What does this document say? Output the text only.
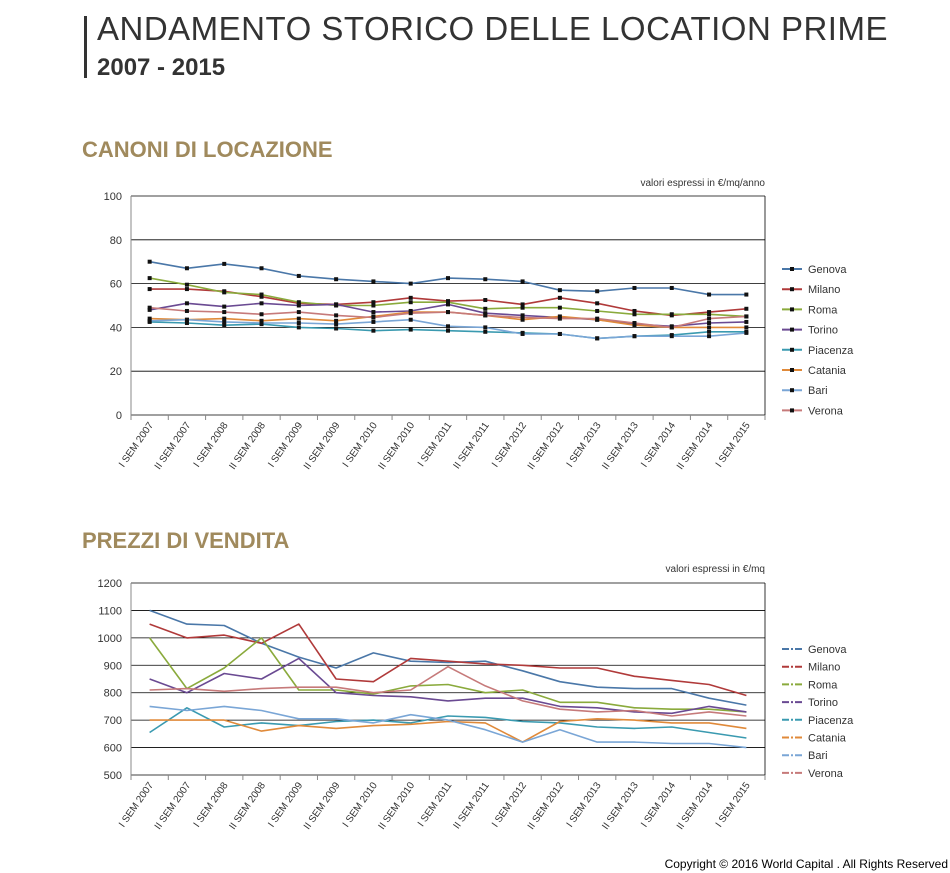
ANDAMENTO STORICO DELLE LOCATION PRIME
2007 - 2015
CANONI DI LOCAZIONE
PREZZI DI VENDITA
valori espressi in €/mq/anno
0
20
40
60
80
100
I SEM 2007
II SEM 2007
I SEM 2008
II SEM 2008
I SEM 2009
II SEM 2009
I SEM 2010
II SEM 2010
I SEM 2011
II SEM 2011
I SEM 2012
II SEM 2012
I SEM 2013
II SEM 2013
I SEM 2014
II SEM 2014
I SEM 2015
Genova
Milano
Roma
Torino
Piacenza
Catania
Bari
Verona
valori espressi in €/mq
500
600
700
800
900
1000
1100
1200
I SEM 2007
II SEM 2007
I SEM 2008
II SEM 2008
I SEM 2009
II SEM 2009
I SEM 2010
II SEM 2010
I SEM 2011
II SEM 2011
I SEM 2012
II SEM 2012
I SEM 2013
II SEM 2013
I SEM 2014
II SEM 2014
I SEM 2015
Genova
Milano
Roma
Torino
Piacenza
Catania
Bari
Verona
Copyright © 2016 World Capital . All Rights Reserved
